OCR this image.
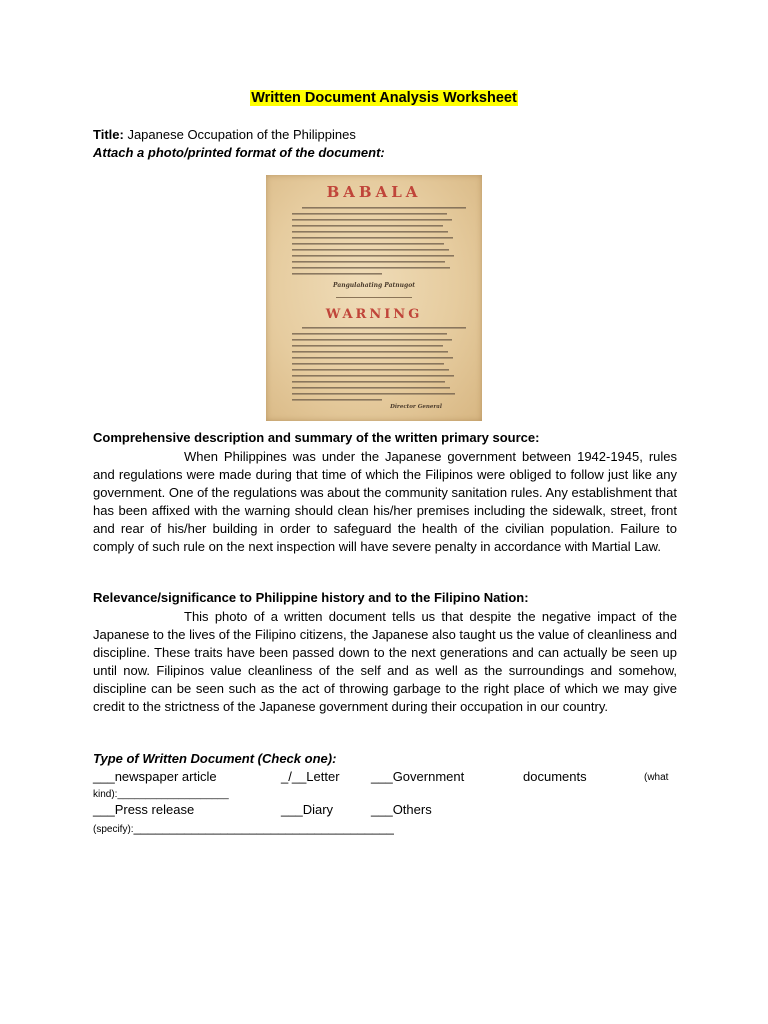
Written Document Analysis Worksheet
Title: Japanese Occupation of the Philippines
Attach a photo/printed format of the document:
BABALA
Pangulahating Patnugot
WARNING
Director General
Comprehensive description and summary of the written primary source:
When Philippines was under the Japanese government between 1942-1945, rules and regulations were made during that time of which the Filipinos were obliged to follow just like any government. One of the regulations was about the community sanitation rules. Any establishment that has been affixed with the warning should clean his/her premises including the sidewalk, street, front and rear of his/her building in order to safeguard the health of the civilian population. Failure to comply of such rule on the next inspection will have severe penalty in accordance with Martial Law.
Relevance/significance to Philippine history and to the Filipino Nation:
This photo of a written document tells us that despite the negative impact of the Japanese to the lives of the Filipino citizens, the Japanese also taught us the value of cleanliness and discipline. These traits have been passed down to the next generations and can actually be seen up until now. Filipinos value cleanliness of the self and as well as the surroundings and somehow, discipline can be seen such as the act of throwing garbage to the right place of which we may give credit to the strictness of the Japanese government during their occupation in our country.
Type of Written Document (Check one):
___newspaper article	_/__Letter ___Government	documents	(what
kind):____________________
___Press release	___Diary	___Others
(specify):____________________________________
